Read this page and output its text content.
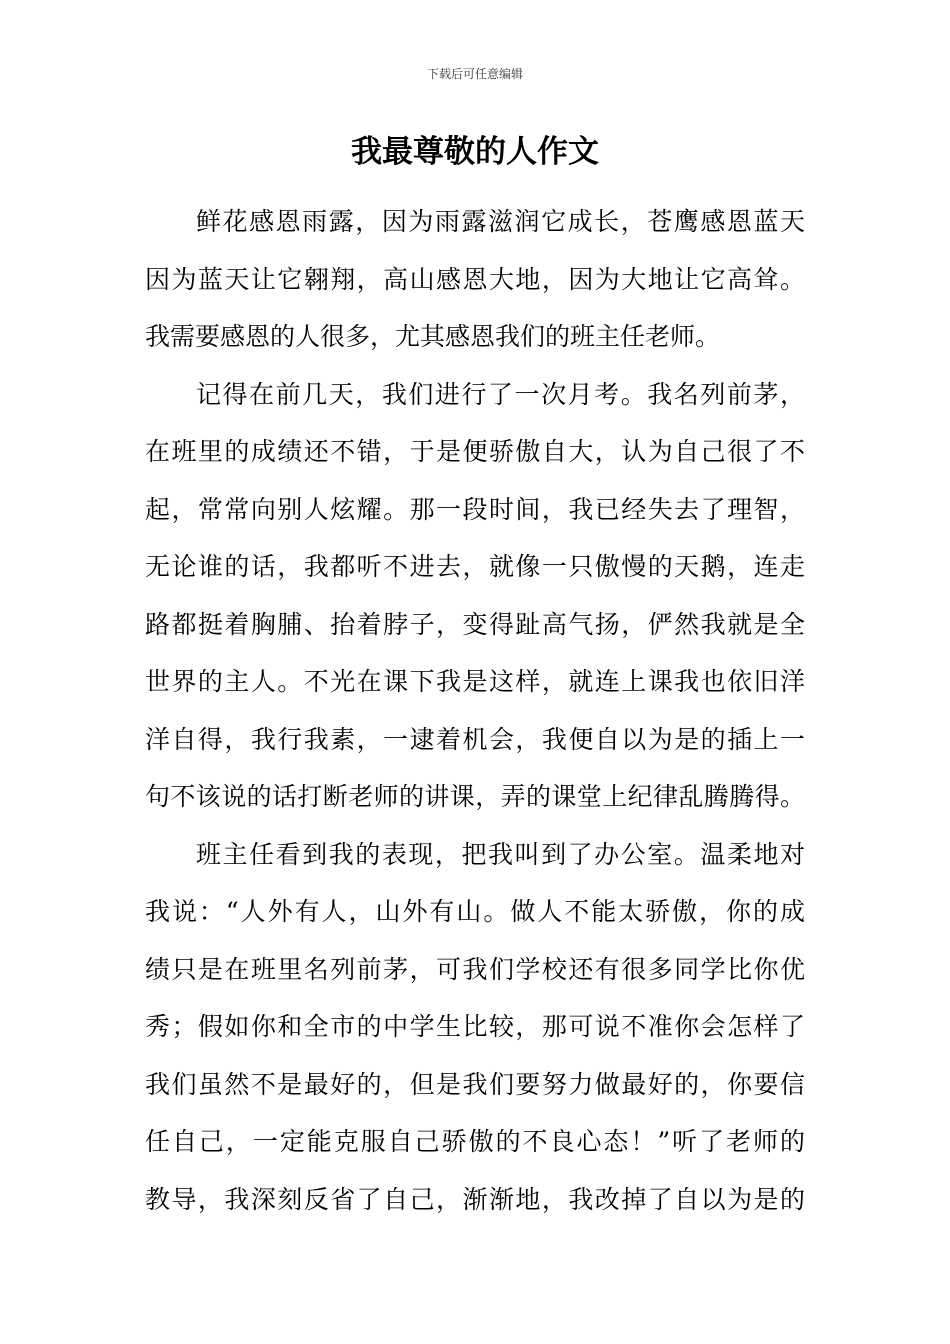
下载后可任意编辑
我最尊敬的人作文

鲜花感恩雨露，因为雨露滋润它成长，苍鹰感恩蓝天

因为蓝天让它翱翔，高山感恩大地，因为大地让它高耸。

我需要感恩的人很多，尤其感恩我们的班主任老师。

记得在前几天，我们进行了一次月考。我名列前茅，

在班里的成绩还不错，于是便骄傲自大，认为自己很了不

起，常常向别人炫耀。那一段时间，我已经失去了理智，

无论谁的话，我都听不进去，就像一只傲慢的天鹅，连走

路都挺着胸脯、抬着脖子，变得趾高气扬，俨然我就是全

世界的主人。不光在课下我是这样，就连上课我也依旧洋

洋自得，我行我素，一逮着机会，我便自以为是的插上一

句不该说的话打断老师的讲课，弄的课堂上纪律乱腾腾得。

班主任看到我的表现，把我叫到了办公室。温柔地对

我说：“人外有人，山外有山。做人不能太骄傲，你的成

绩只是在班里名列前茅，可我们学校还有很多同学比你优

秀；假如你和全市的中学生比较，那可说不准你会怎样了

我们虽然不是最好的，但是我们要努力做最好的，你要信

任自己，一定能克服自己骄傲的不良心态！”听了老师的

教导，我深刻反省了自己，渐渐地，我改掉了自以为是的
